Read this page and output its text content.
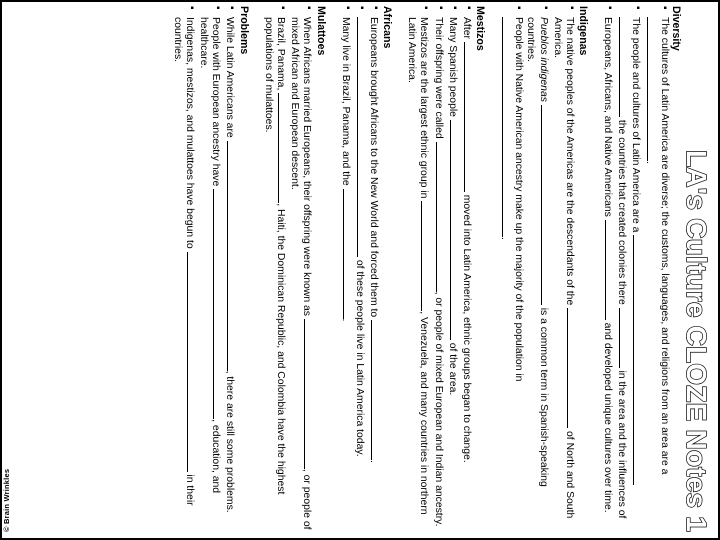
© Brain Wrinkles	LA's Culture CLOZE Notes 1
Diversity
▪ The cultures of Latin America are diverse; the customs, languages, and religions from an area are a .
▪ The people and cultures of Latin America are a   the countries that created colonies there  in the area and the influences of
▪ Europeans, Africans, and Native Americans  and developed unique cultures over time.
Indigenas
▪ The native peoples of the Americas are the descendants of the  of North and South America.
▪ Pueblos indigenas  is a common term in Spanish-speaking countries.
▪ People with Native American ancestry make up the majority of the population in .
Mestizos
▪ After  moved into Latin America, ethnic groups began to change.
▪ Many Spanish people  of the area.
▪ Their offspring were called , or people of mixed European and Indian ancestry.
▪ Mestizos are the largest ethnic group in , Venezuela, and many countries in northern Latin America.
Africans
▪ Europeans brought Africans to the New World and forced them to .
▪ of these people live in Latin America today.
▪ Many live in Brazil, Panama, and the .
Mulattoes
▪ When Africans married Europeans, their offspring were known as , or people of mixed African and European descent.
▪ Brazil, Panama, , Haiti, the Dominican Republic, and Colombia have the highest populations of mulattoes.
Problems
▪ While Latin Americans are , there are still some problems.
▪ People with European ancestry have , education, and healthcare.
▪ Indigenas, mestizos, and mulattoes have begun to  in their countries.
